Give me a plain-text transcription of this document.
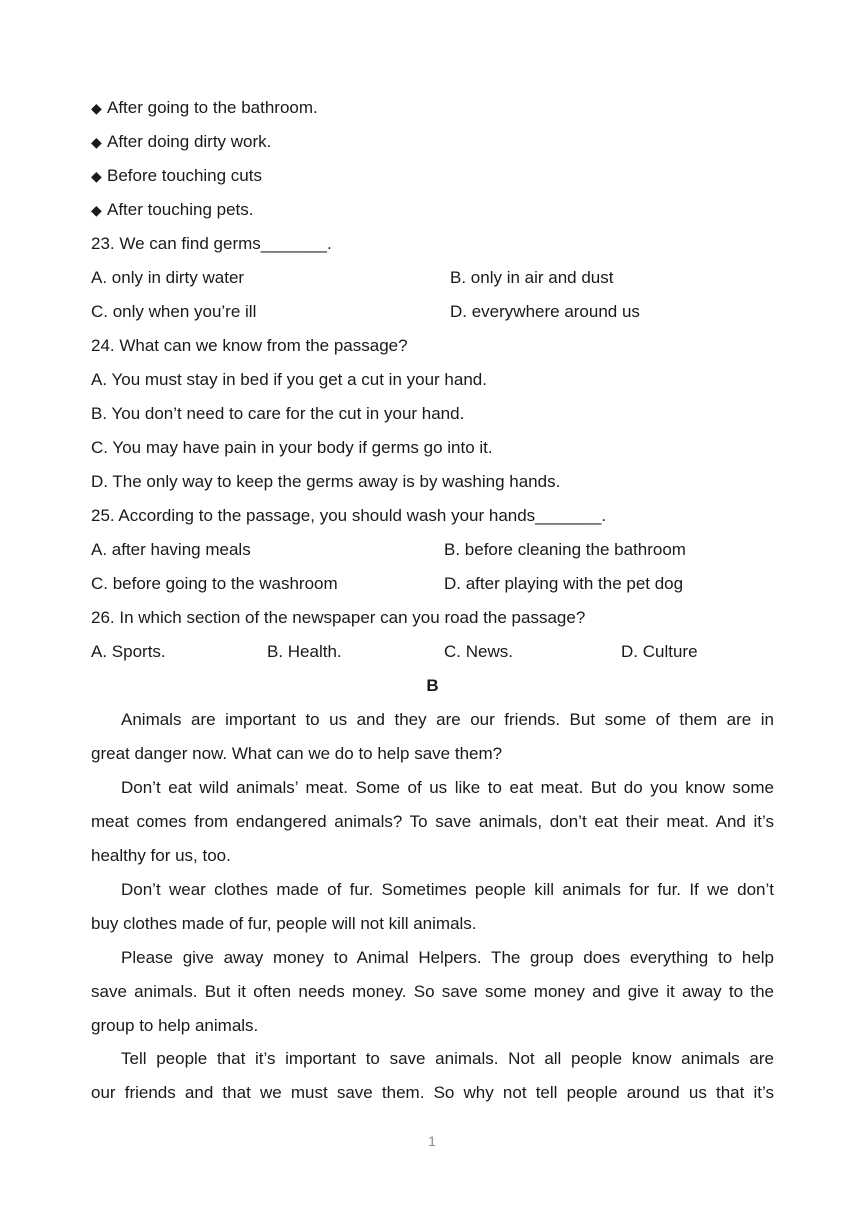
◆ After going to the bathroom.
◆ After doing dirty work.
◆ Before touching cuts
◆ After touching pets.
23. We can find germs_______.
A. only in dirty water	B. only in air and dust
C. only when you’re ill	D. everywhere around us
24. What can we know from the passage?
A. You must stay in bed if you get a cut in your hand.
B. You don’t need to care for the cut in your hand.
C. You may have pain in your body if germs go into it.
D. The only way to keep the germs away is by washing hands.
25. According to the passage, you should wash your hands_______.
A. after having meals	B. before cleaning the bathroom
C. before going to the washroom	D. after playing with the pet dog
26. In which section of the newspaper can you road the passage?
A. Sports.	B. Health.	C. News.	D. Culture
B
Animals are important to us and they are our friends. But some of them are in
great danger now. What can we do to help save them?
Don’t eat wild animals’ meat. Some of us like to eat meat. But do you know some
meat comes from endangered animals? To save animals, don’t eat their meat. And it’s
healthy for us, too.
Don’t wear clothes made of fur. Sometimes people kill animals for fur. If we don’t
buy clothes made of fur, people will not kill animals.
Please give away money to Animal Helpers. The group does everything to help
save animals. But it often needs money. So save some money and give it away to the
group to help animals.
Tell people that it’s important to save animals. Not all people know animals are
our friends and that we must save them. So why not tell people around us that it’s
1
